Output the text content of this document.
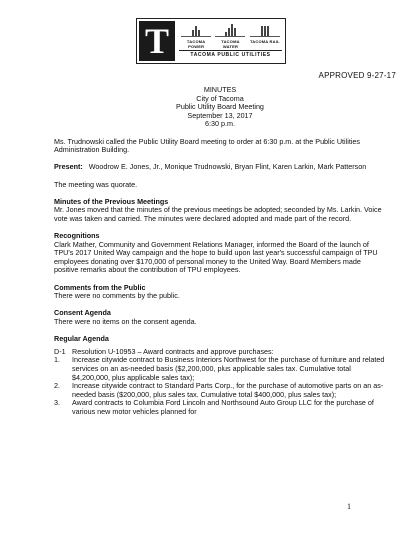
T	TACOMA POWER
TACOMA WATER
TACOMA RAIL
TACOMA PUBLIC UTILITIES
APPROVED 9-27-17
MINUTES
City of Tacoma
Public Utility Board Meeting
September 13, 2017
6:30 p.m.

Ms. Trudnowski called the Public Utility Board meeting to order at 6:30 p.m. at the Public Utilities Administration Building.

Present: Woodrow E. Jones, Jr., Monique Trudnowski, Bryan Flint, Karen Larkin, Mark Patterson

The meeting was quorate.

Minutes of the Previous Meetings

Mr. Jones moved that the minutes of the previous meetings be adopted; seconded by Ms. Larkin. Voice vote was taken and carried. The minutes were declared adopted and made part of the record.

Recognitions

Clark Mather, Community and Government Relations Manager, informed the Board of the launch of TPU's 2017 United Way campaign and the hope to build upon last year's successful campaign of TPU employees donating over $170,000 of personal money to the United Way. Board Members made positive remarks about the contribution of TPU employees.

Comments from the Public

There were no comments by the public.

Consent Agenda

There were no items on the consent agenda.

Regular Agenda
D-1 Resolution U-10953 – Award contracts and approve purchases:
1.	Increase citywide contract to Business Interiors Northwest for the purchase of furniture and related services on an as-needed basis ($2,200,000, plus applicable sales tax. Cumulative total $4,200,000, plus applicable sales tax);
2.	Increase citywide contract to Standard Parts Corp., for the purchase of automotive parts on an as-needed basis ($200,000, plus sales tax. Cumulative total $400,000, plus sales tax);
3.	Award contracts to Columbia Ford Lincoln and Northsound Auto Group LLC for the purchase of various new motor vehicles planned for
1
